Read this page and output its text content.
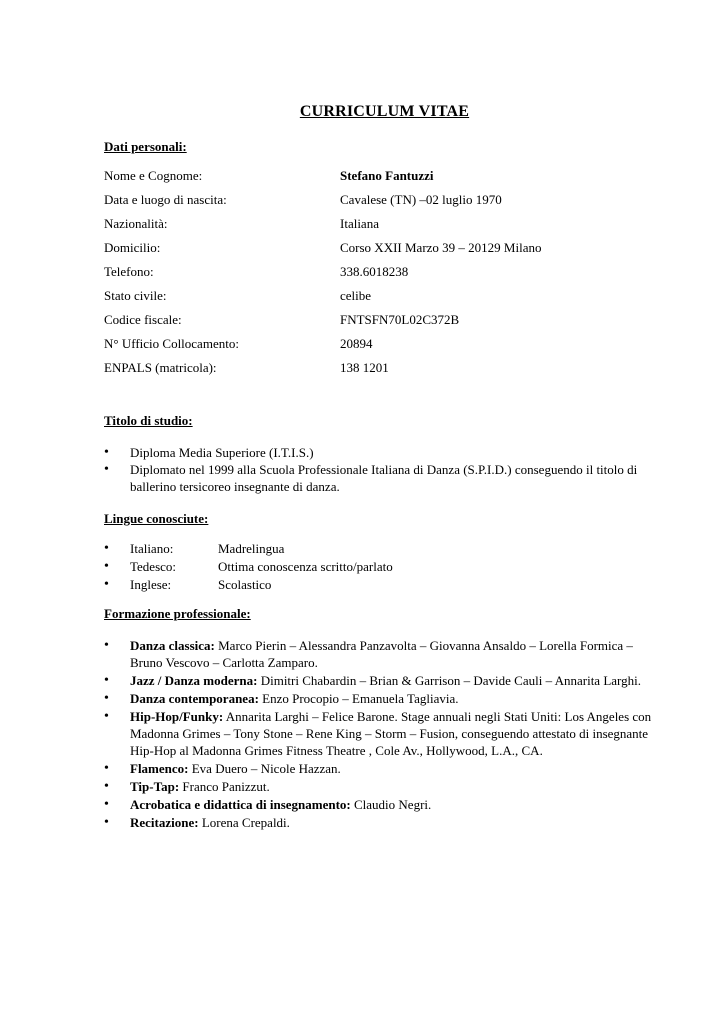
CURRICULUM VITAE
Dati personali:
Nome e Cognome:	Stefano Fantuzzi
Data e luogo di nascita:	Cavalese (TN) –02 luglio 1970
Nazionalità:	Italiana
Domicilio:	Corso XXII Marzo 39 – 20129 Milano
Telefono:	338.6018238
Stato civile:	celibe
Codice fiscale:	FNTSFN70L02C372B
N° Ufficio Collocamento:	20894
ENPALS (matricola):	138 1201
Titolo di studio:
• Diploma Media Superiore (I.T.I.S.)
• Diplomato nel 1999 alla Scuola Professionale Italiana di Danza (S.P.I.D.) conseguendo il titolo di ballerino tersicoreo insegnante di danza.
Lingue conosciute:
• Italiano:	Madrelingua
• Tedesco:	Ottima conoscenza scritto/parlato
• Inglese:	Scolastico
Formazione professionale:
• Danza classica: Marco Pierin – Alessandra Panzavolta – Giovanna Ansaldo – Lorella Formica – Bruno Vescovo – Carlotta Zamparo.
• Jazz / Danza moderna: Dimitri Chabardin – Brian & Garrison – Davide Cauli – Annarita Larghi.
• Danza contemporanea: Enzo Procopio – Emanuela Tagliavia.
• Hip-Hop/Funky: Annarita Larghi – Felice Barone. Stage annuali negli Stati Uniti: Los Angeles con Madonna Grimes – Tony Stone – Rene King – Storm – Fusion, conseguendo attestato di insegnante Hip-Hop al Madonna Grimes Fitness Theatre , Cole Av., Hollywood, L.A., CA.
• Flamenco: Eva Duero – Nicole Hazzan.
• Tip-Tap: Franco Panizzut.
• Acrobatica e didattica di insegnamento: Claudio Negri.
• Recitazione: Lorena Crepaldi.
